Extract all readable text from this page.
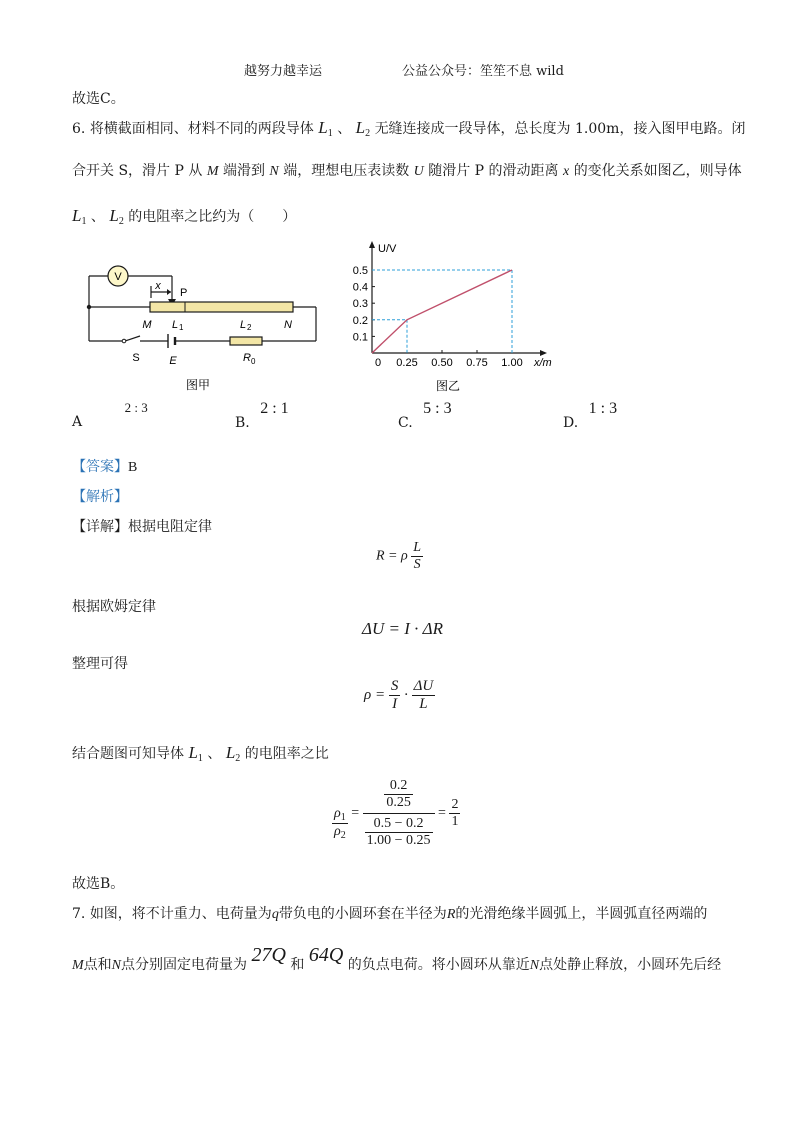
越努力越幸运	公益公众号：笙笙不息 wild
故选C。
6. 将横截面相同、材料不同的两段导体 $L_1$ 、 $L_2$ 无缝连接成一段导体，总长度为 1.00m，接入图甲电路。闭
合开关 S，滑片 P 从 M 端滑到 N 端，理想电压表读数 U 随滑片 P 的滑动距离 x 的变化关系如图乙，则导体
$L_1$ 、 $L_2$ 的电阻率之比约为（　　）
V
x
P
M L 1	L 2	N
S	E	R 0
图甲
U/V
x/m
0 0.25 0.50 0.75 1.00
0.1
0.2
0.3
0.4
0.5
图乙
A 2 : 3
B. 2 : 1
C. 5 : 3
D. 1 : 3
【答案】B
【解析】
【详解】根据电阻定律
R = ρ $\frac{L}{S}$
根据欧姆定律
ΔU = I · ΔR
整理可得
$\rho = \frac{S}{I} \cdot \frac{\Delta U}{L}$
结合题图可知导体 $L_1$ 、 $L_2$ 的电阻率之比
$\frac{\rho_1}{\rho_2} = \frac{\frac{0.2}{0.25}}{\frac{0.5 - 0.2}{1.00 - 0.25}} = \frac{2}{1}$
故选B。
7. 如图，将不计重力、电荷量为q带负电的小圆环套在半径为R的光滑绝缘半圆弧上，半圆弧直径两端的
M点和N点分别固定电荷量为 27Q 和 64Q 的负点电荷。将小圆环从靠近N点处静止释放，小圆环先后经
